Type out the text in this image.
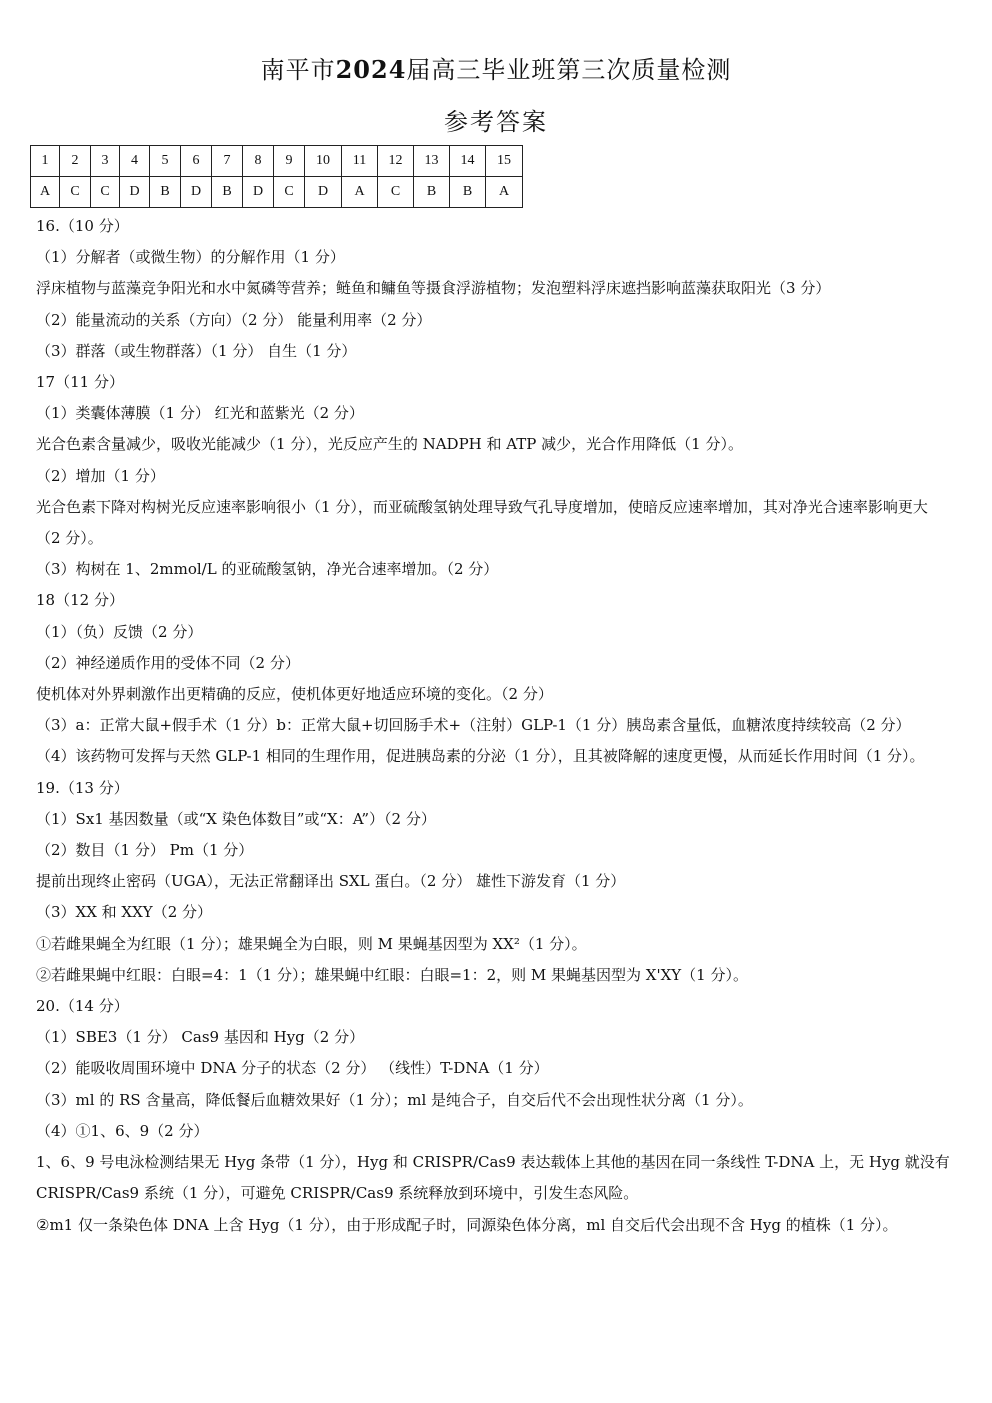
南平市2024届高三毕业班第三次质量检测
参考答案
1	2	3	4	5	6	7	8	9	10	11	12	13	14	15
A	C	C	D	B	D	B	D	C	D	A	C	B	B	A
16.（10 分）
（1）分解者（或微生物）的分解作用（1 分）
浮床植物与蓝藻竞争阳光和水中氮磷等营养；鲢鱼和鳙鱼等摄食浮游植物；发泡塑料浮床遮挡影响蓝藻获取阳光（3 分）
（2）能量流动的关系（方向）（2 分） 能量利用率（2 分）
（3）群落（或生物群落）（1 分） 自生（1 分）
17（11 分）
（1）类囊体薄膜（1 分） 红光和蓝紫光（2 分）
光合色素含量减少，吸收光能减少（1 分），光反应产生的 NADPH 和 ATP 减少，光合作用降低（1 分）。
（2）增加（1 分）
光合色素下降对构树光反应速率影响很小（1 分），而亚硫酸氢钠处理导致气孔导度增加，使暗反应速率增加，其对净光合速率影响更大（2 分）。
（3）构树在 1、2mmol/L 的亚硫酸氢钠，净光合速率增加。（2 分）
18（12 分）
（1）（负）反馈（2 分）
（2）神经递质作用的受体不同（2 分）
使机体对外界刺激作出更精确的反应，使机体更好地适应环境的变化。（2 分）
（3）a：正常大鼠+假手术（1 分）b：正常大鼠+切回肠手术+（注射）GLP-1（1 分）胰岛素含量低，血糖浓度持续较高（2 分）
（4）该药物可发挥与天然 GLP-1 相同的生理作用，促进胰岛素的分泌（1 分），且其被降解的速度更慢，从而延长作用时间（1 分）。
19.（13 分）
（1）Sx1 基因数量（或“X 染色体数目”或“X：A”）（2 分）
（2）数目（1 分） Pm（1 分）
提前出现终止密码（UGA），无法正常翻译出 SXL 蛋白。（2 分） 雄性下游发育（1 分）
（3）XX 和 XXY（2 分）
①若雌果蝇全为红眼（1 分）；雄果蝇全为白眼，则 M 果蝇基因型为 XX²（1 分）。
②若雌果蝇中红眼：白眼=4：1（1 分）；雄果蝇中红眼：白眼=1：2，则 M 果蝇基因型为 X'XY（1 分）。
20.（14 分）
（1）SBE3（1 分） Cas9 基因和 Hyg（2 分）
（2）能吸收周围环境中 DNA 分子的状态（2 分） （线性）T-DNA（1 分）
（3）ml 的 RS 含量高，降低餐后血糖效果好（1 分）；ml 是纯合子，自交后代不会出现性状分离（1 分）。
（4）①1、6、9（2 分）
1、6、9 号电泳检测结果无 Hyg 条带（1 分），Hyg 和 CRISPR/Cas9 表达载体上其他的基因在同一条线性 T-DNA 上，无 Hyg 就没有 CRISPR/Cas9 系统（1 分），可避免 CRISPR/Cas9 系统释放到环境中，引发生态风险。
②m1 仅一条染色体 DNA 上含 Hyg（1 分），由于形成配子时，同源染色体分离，ml 自交后代会出现不含 Hyg 的植株（1 分）。
